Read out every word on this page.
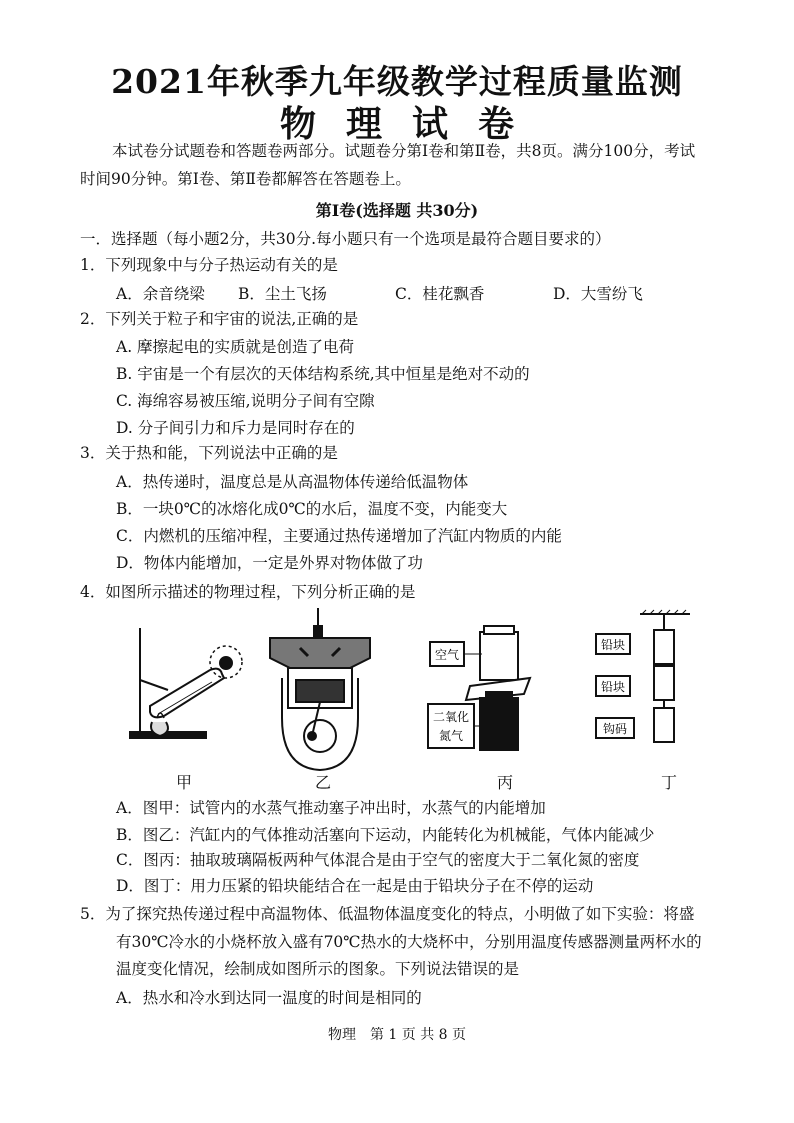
2021年秋季九年级教学过程质量监测
物理试卷
本试卷分试题卷和答题卷两部分。试题卷分第Ⅰ卷和第Ⅱ卷，共8页。满分100分，考试
时间90分钟。第Ⅰ卷、第Ⅱ卷都解答在答题卷上。
第Ⅰ卷(选择题 共30分)
一．选择题（每小题2分，共30分.每小题只有一个选项是最符合题目要求的）
1．下列现象中与分子热运动有关的是
A．余音绕梁 B．尘土飞扬	C．桂花飘香	D．大雪纷飞
2．下列关于粒子和宇宙的说法,正确的是
A. 摩擦起电的实质就是创造了电荷
B. 宇宙是一个有层次的天体结构系统,其中恒星是绝对不动的
C. 海绵容易被压缩,说明分子间有空隙
D. 分子间引力和斥力是同时存在的
3．关于热和能，下列说法中正确的是
A．热传递时，温度总是从高温物体传递给低温物体
B．一块0℃的冰熔化成0℃的水后，温度不变，内能变大
C．内燃机的压缩冲程，主要通过热传递增加了汽缸内物质的内能
D．物体内能增加，一定是外界对物体做了功
4．如图所示描述的物理过程，下列分析正确的是
空气
二氧化
氮气
铅块
铅块
钩码
甲	乙	丙	丁
A．图甲：试管内的水蒸气推动塞子冲出时，水蒸气的内能增加
B．图乙：汽缸内的气体推动活塞向下运动，内能转化为机械能，气体内能减少
C．图丙：抽取玻璃隔板两种气体混合是由于空气的密度大于二氧化氮的密度
D．图丁：用力压紧的铅块能结合在一起是由于铅块分子在不停的运动
5．为了探究热传递过程中高温物体、低温物体温度变化的特点，小明做了如下实验：将盛
有30℃冷水的小烧杯放入盛有70℃热水的大烧杯中，分别用温度传感器测量两杯水的
温度变化情况，绘制成如图所示的图象。下列说法错误的是
A．热水和冷水到达同一温度的时间是相同的
物理　第 1 页 共 8 页
